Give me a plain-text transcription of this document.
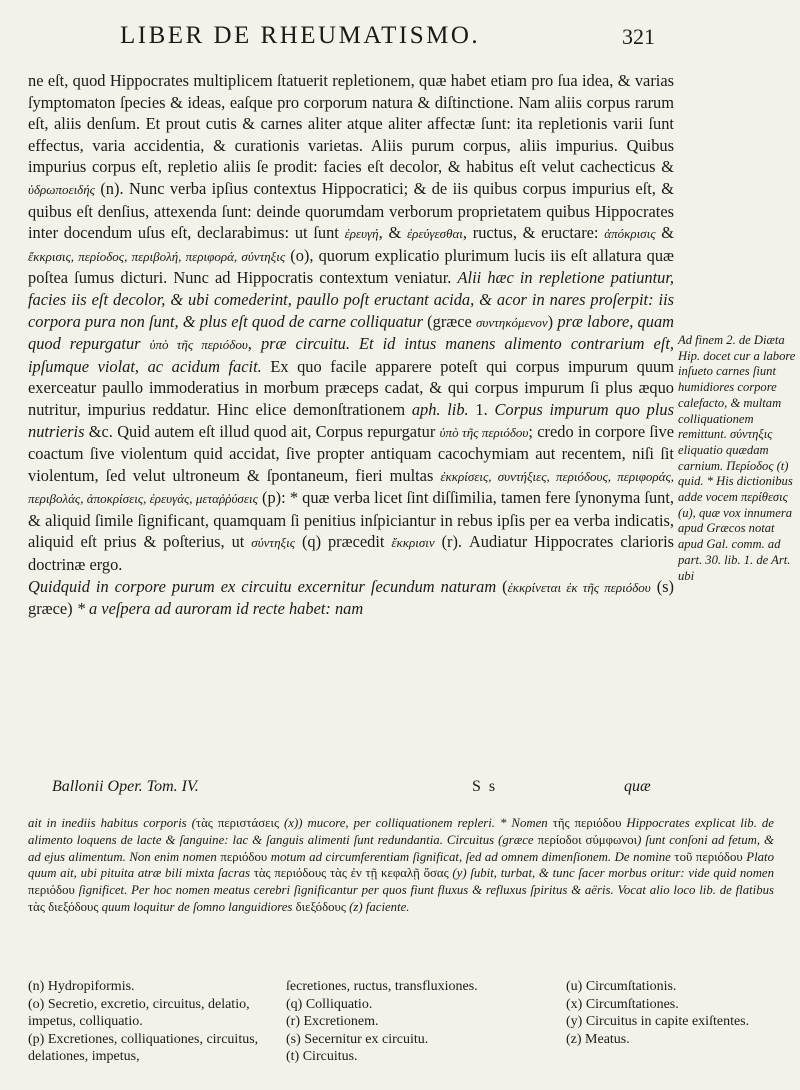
LIBER DE RHEUMATISMO.	321

ne eſt, quod Hippocrates multiplicem ſtatuerit repletionem, quæ habet etiam pro ſua idea, & varias ſymptomaton ſpecies & ideas, eaſque pro corporum natura & diſtinctione. Nam aliis corpus rarum eſt, aliis denſum. Et prout cutis & carnes aliter atque aliter affectæ ſunt: ita repletionis varii ſunt effectus, varia accidentia, & curationis varietas. Aliis purum corpus, aliis impurius. Quibus impurius corpus eſt, repletio aliis ſe prodit: facies eſt decolor, & habitus eſt velut cachecticus & ὑδρωποειδής (n). Nunc verba ipſius contextus Hippocratici; & de iis quibus corpus impurius eſt, & quibus eſt denſius, attexenda ſunt: deinde quorumdam verborum proprietatem quibus Hippocrates inter docendum uſus eſt, declarabimus: ut ſunt ἐρευγή, & ἐρεύγεσθαι, ructus, & eructare: ἀπόκρισις & ἔκκρισις, περίοδος, περιβολή, περιφορά, σύντηξις (o), quorum explicatio plurimum lucis iis eſt allatura quæ poſtea ſumus dicturi. Nunc ad Hippocratis contextum veniatur. Alii hæc in repletione patiuntur, facies iis eſt decolor, & ubi comederint, paullo poſt eructant acida, & acor in nares proſerpit: iis corpora pura non ſunt, & plus eſt quod de carne colliquatur (græce συντηκόμενον) præ labore, quam quod repurgatur ὑπὸ τῆς περιόδου, præ circuitu. Et id intus manens alimento contrarium eſt, ipſumque violat, ac acidum facit. Ex quo facile apparere poteſt qui corpus impurum quum exerceatur paullo immoderatius in morbum præceps cadat, & qui corpus impurum ſi plus æquo nutritur, impurius reddatur. Hinc elice demonſtrationem aph. lib. 1. Corpus impurum quo plus nutrieris &c. Quid autem eſt illud quod ait, Corpus repurgatur ὑπὸ τῆς περιόδου; credo in corpore ſive coactum ſive violentum quid accidat, ſive propter antiquam cacochymiam aut recentem, niſi ſit violentum, ſed velut ultroneum & ſpontaneum, fieri multas ἐκκρίσεις, συντήξιες, περιόδους, περιφοράς, περιβολάς, ἀποκρίσεις, ἐρευγάς, μεταῤῥύσεις (p): * quæ verba licet ſint diſſimilia, tamen fere ſynonyma ſunt, & aliquid ſimile ſignificant, quamquam ſi penitius inſpiciantur in rebus ipſis per ea verba indicatis, aliquid eſt prius & poſterius, ut σύντηξις (q) præcedit ἔκκρισιν (r). Audiatur Hippocrates clarioris doctrinæ ergo.
Quidquid in corpore purum ex circuitu excernitur ſecundum naturam (ἐκκρίνεται ἐκ τῆς περιόδου (s) græce) * a veſpera ad auroram id recte habet: nam

Ad finem 2. de Diæta Hip. docet cur a labore inſueto carnes ſiunt humidiores corpore calefacto, & multam colliquationem remittunt. σύντηξις eliquatio quædam carnium. Περίοδος (t) quid. * His dictionibus adde vocem περίθεσις (u), quæ vox innumera apud Græcos notat apud Gal. comm. ad part. 30. lib. 1. de Art. ubi

Ballonii Oper. Tom. IV.	S s	quæ

ait in inediis habitus corporis (τὰς περιστάσεις (x)) mucore, per colliquationem repleri. * Nomen τῆς περιόδου Hippocrates explicat lib. de alimento loquens de lacte & ſanguine: lac & ſanguis alimenti ſunt redundantia. Circuitus (græce περίοδοι σύμφωνοι) ſunt conſoni ad fetum, & ad ejus alimentum. Non enim nomen περιόδου motum ad circumferentiam ſignificat, ſed ad omnem dimenſionem. De nomine τοῦ περιόδου Plato quum ait, ubi pituita atræ bili mixta ſacras τὰς περιόδους τὰς ἐν τῇ κεφαλῇ ὄσας (y) ſubit, turbat, & tunc ſacer morbus oritur: vide quid nomen περιόδου ſignificet. Per hoc nomen meatus cerebri ſignificantur per quos fiunt fluxus & refluxus ſpiritus & aëris. Vocat alio loco lib. de flatibus τὰς διεξόδους quum loquitur de ſomno languidiores διεξόδους (z) faciente.

(n) Hydropiformis.

(o) Secretio, excretio, circuitus, delatio, impetus, colliquatio.

(p) Excretiones, colliquationes, circuitus, delationes, impetus,

ſecretiones, ructus, transfluxiones.

(q) Colliquatio.

(r) Excretionem.

(s) Secernitur ex circuitu.

(t) Circuitus.

(u) Circumſtationis.

(x) Circumſtationes.

(y) Circuitus in capite exiſtentes.

(z) Meatus.
